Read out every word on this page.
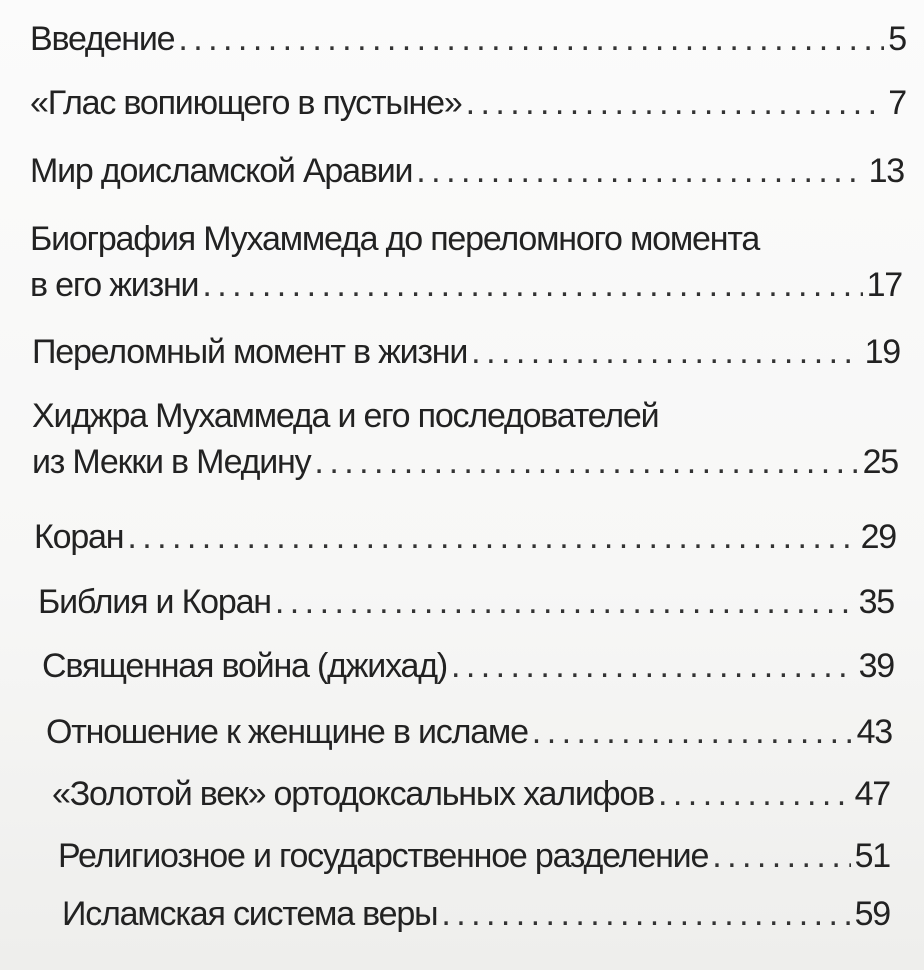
Введение . . .	5
«Глас вопиющего в пустыне» . . .	7
Мир доисламской Аравии . . .	13
Биография Мухаммеда до переломного момента
в его жизни . . .	17
Переломный момент в жизни . . .	19
Хиджра Мухаммеда и его последователей
из Мекки в Медину . . .	25
Коран . . .	29
Библия и Коран . . .	35
Священная война (джихад) . . .	39
Отношение к женщине в исламе . . .	43
«Золотой век» ортодоксальных халифов . . .	47
Религиозное и государственное разделение . . .	51
Исламская система веры . . .	59
